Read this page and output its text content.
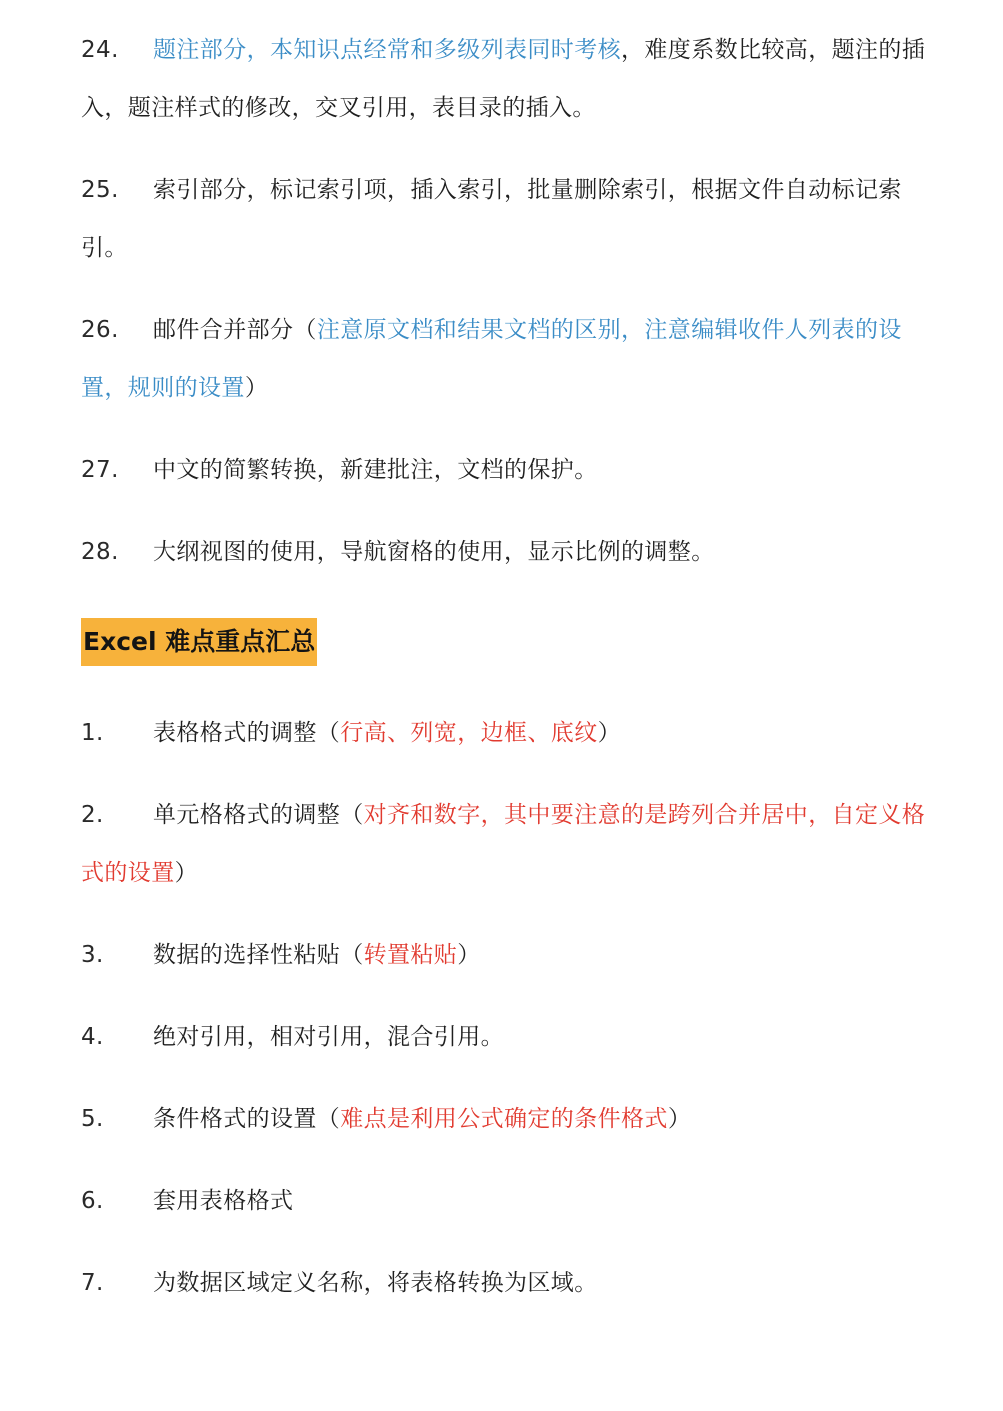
24. 题注部分，本知识点经常和多级列表同时考核，难度系数比较高，题注的插入，题注样式的修改，交叉引用，表目录的插入。

25. 索引部分，标记索引项，插入索引，批量删除索引，根据文件自动标记索引。

26. 邮件合并部分（注意原文档和结果文档的区别，注意编辑收件人列表的设置，规则的设置）

27. 中文的简繁转换，新建批注，文档的保护。

28. 大纲视图的使用，导航窗格的使用，显示比例的调整。

Excel 难点重点汇总

1. 表格格式的调整（行高、列宽，边框、底纹）

2. 单元格格式的调整（对齐和数字，其中要注意的是跨列合并居中，自定义格式的设置）

3. 数据的选择性粘贴（转置粘贴）

4. 绝对引用，相对引用，混合引用。

5. 条件格式的设置（难点是利用公式确定的条件格式）

6. 套用表格格式

7. 为数据区域定义名称，将表格转换为区域。
